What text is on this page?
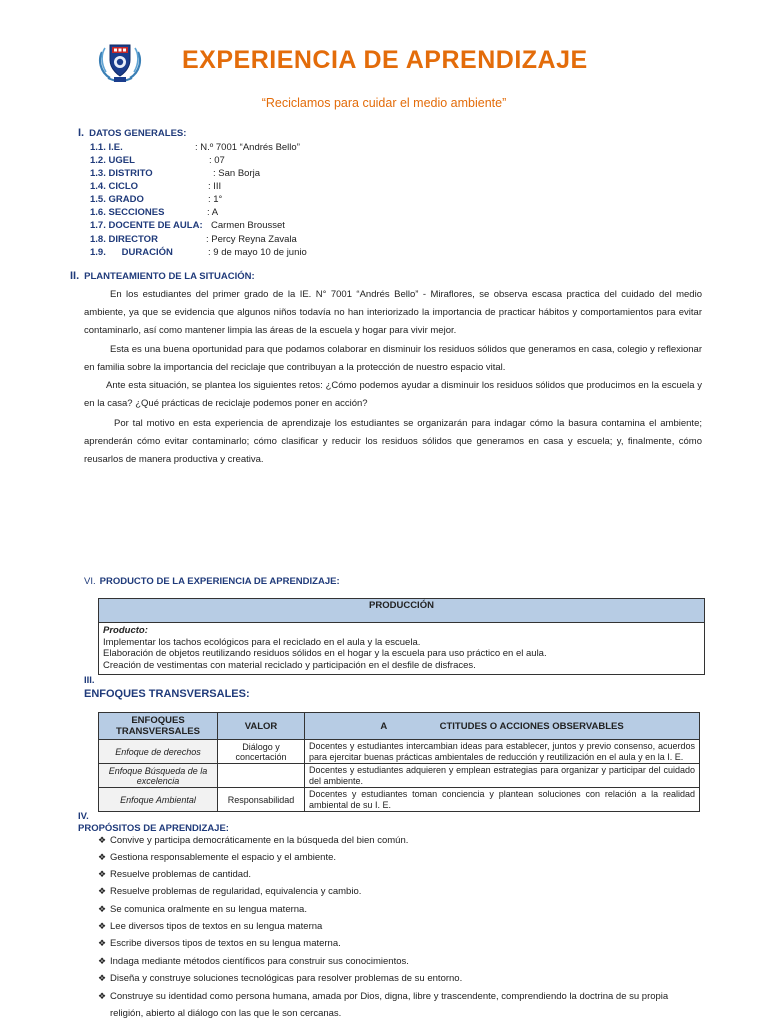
EXPERIENCIA DE APRENDIZAJE
“Reciclamos para cuidar el medio ambiente”
I. DATOS GENERALES:
1.1. I.E.	: N.º 7001 “Andrés Bello”
1.2. UGEL	: 07
1.3. DISTRITO	: San Borja
1.4. CICLO	: III
1.5. GRADO	: 1°
1.6. SECCIONES	: A
1.7. DOCENTE DE AULA: Carmen Brousset
1.8. DIRECTOR	: Percy Reyna Zavala
1.9.      DURACIÓN	: 9 de mayo 10 de junio
II. PLANTEAMIENTO DE LA SITUACIÓN:

En los estudiantes del primer grado de la IE. N° 7001 “Andrés Bello” - Miraflores, se observa escasa practica del cuidado del medio ambiente, ya que se evidencia que algunos niños todavía no han interiorizado la importancia de practicar hábitos y comportamientos para evitar contaminarlo, así como mantener limpia las áreas de la escuela y hogar para vivir mejor.

Esta es una buena oportunidad para que podamos colaborar en disminuir los residuos sólidos que generamos en casa, colegio y reflexionar en familia sobre la importancia del reciclaje que contribuyan a la protección de nuestro espacio vital.

Ante esta situación, se plantea los siguientes retos: ¿Cómo podemos ayudar a disminuir los residuos sólidos que producimos en la escuela y en la casa? ¿Qué prácticas de reciclaje podemos poner en acción?

Por tal motivo en esta experiencia de aprendizaje los estudiantes se organizarán para indagar cómo la basura contamina el ambiente; aprenderán cómo evitar contaminarlo; cómo clasificar y reducir los residuos sólidos que generamos en casa y escuela; y, finalmente, cómo reusarlos de manera productiva y creativa.

VI. PRODUCTO DE LA EXPERIENCIA DE APRENDIZAJE:
PRODUCCIÓN
Producto:
Implementar los tachos ecológicos para el reciclado en el aula y la escuela.
Elaboración de objetos reutilizando residuos sólidos en el hogar y la escuela para uso práctico en el aula.
Creación de vestimentas con material reciclado y participación en el desfile de disfraces.
III.
ENFOQUES TRANSVERSALES:
ENFOQUES TRANSVERSALES	VALOR	A                    CTITUDES O ACCIONES OBSERVABLES
Enfoque de derechos	Diálogo y concertación	Docentes y estudiantes intercambian ideas para establecer, juntos y previo consenso, acuerdos para ejercitar buenas prácticas ambientales de reducción y reutilización en el aula y en la I. E.
Enfoque Búsqueda de la excelencia		Docentes y estudiantes adquieren y emplean estrategias para organizar y participar del cuidado del ambiente.
Enfoque Ambiental	Responsabilidad	Docentes y estudiantes toman conciencia y plantean soluciones con relación a la realidad ambiental de su I. E.
IV.
PROPÓSITOS DE APRENDIZAJE:
❖ Convive y participa democráticamente en la búsqueda del bien común.
❖ Gestiona responsablemente el espacio y el ambiente.
❖ Resuelve problemas de cantidad.
❖ Resuelve problemas de regularidad, equivalencia y cambio.
❖ Se comunica oralmente en su lengua materna.
❖ Lee diversos tipos de textos en su lengua materna
❖ Escribe diversos tipos de textos en su lengua materna.
❖ Indaga mediante métodos científicos para construir sus conocimientos.
❖ Diseña y construye soluciones tecnológicas para resolver problemas de su entorno.
❖ Construye su identidad como persona humana, amada por Dios, digna, libre y trascendente, comprendiendo la doctrina de su propia
religión, abierto al diálogo con las que le son cercanas.
